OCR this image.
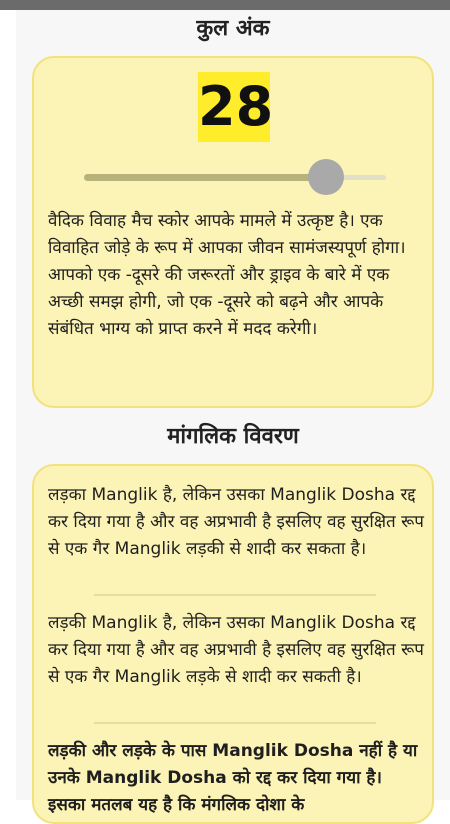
कुल अंक
28
वैदिक विवाह मैच स्कोर आपके मामले में उत्कृष्ट है। एक विवाहित जोड़े के रूप में आपका जीवन सामंजस्यपूर्ण होगा। आपको एक -दूसरे की जरूरतों और ड्राइव के बारे में एक अच्छी समझ होगी, जो एक -दूसरे को बढ़ने और आपके संबंधित भाग्य को प्राप्त करने में मदद करेगी।
मांगलिक विवरण
लड़का Manglik है, लेकिन उसका Manglik Dosha रद्द कर दिया गया है और वह अप्रभावी है इसलिए वह सुरक्षित रूप से एक गैर Manglik लड़की से शादी कर सकता है।
लड़की Manglik है, लेकिन उसका Manglik Dosha रद्द कर दिया गया है और वह अप्रभावी है इसलिए वह सुरक्षित रूप से एक गैर Manglik लड़के से शादी कर सकती है।
लड़की और लड़के के पास Manglik Dosha नहीं है या उनके Manglik Dosha को रद्द कर दिया गया है। इसका मतलब यह है कि मंगलिक दोशा के
